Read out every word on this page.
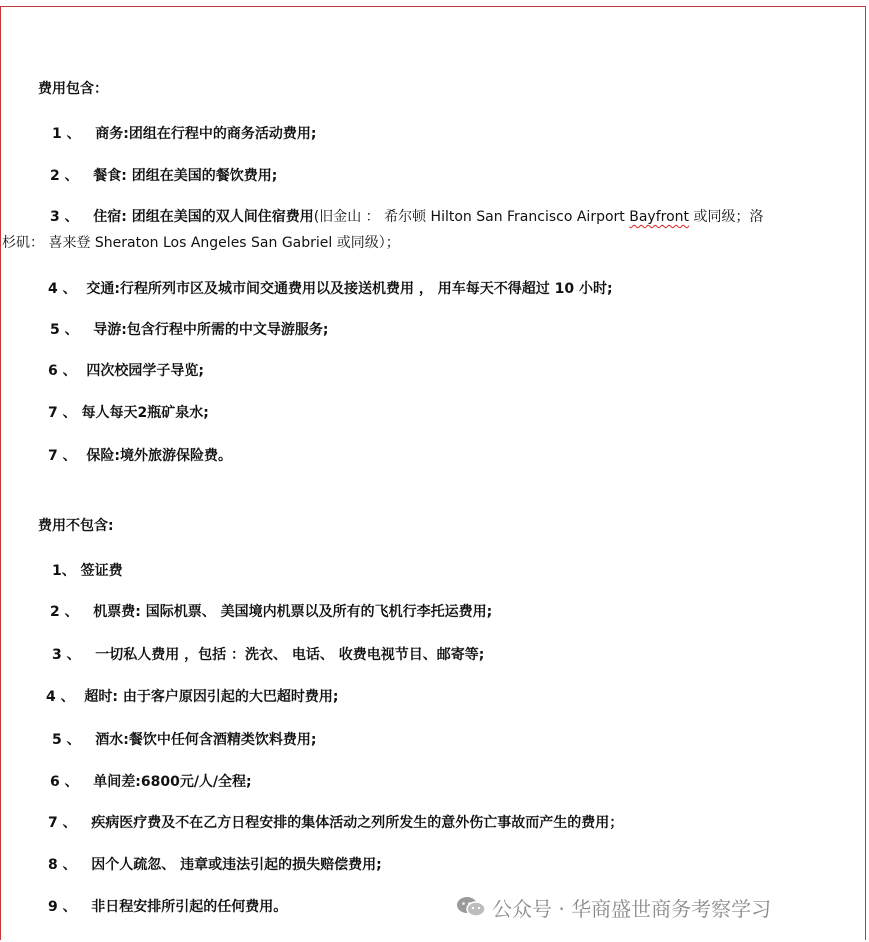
费用包含：
1 、 商务:团组在行程中的商务活动费用;
2 、 餐食: 团组在美国的餐饮费用;
3 、 住宿: 团组在美国的双人间住宿费用(旧金山 ： 希尔顿 Hilton San Francisco Airport Bayfront 或同级；洛
杉矶： 喜来登 Sheraton Los Angeles San Gabriel 或同级）；
4 、 交通:行程所列市区及城市间交通费用以及接送机费用 ， 用车每天不得超过 10 小时;
5 、 导游:包含行程中所需的中文导游服务;
6 、 四次校园学子导览;
7 、 每人每天2瓶矿泉水;
7 、 保险:境外旅游保险费。
费用不包含:
1、 签证费
2 、 机票费: 国际机票、 美国境内机票以及所有的飞机行李托运费用;
3 、 一切私人费用 ，包括 ：洗衣、 电话、 收费电视节目、邮寄等;
4 、 超时: 由于客户原因引起的大巴超时费用;
5 、 酒水:餐饮中任何含酒精类饮料费用;
6 、 单间差:6800元/人/全程;
7 、 疾病医疗费及不在乙方日程安排的集体活动之列所发生的意外伤亡事故而产生的费用；
8 、 因个人疏忽、 违章或违法引起的损失赔偿费用;
9 、 非日程安排所引起的任何费用。	公众号 · 华商盛世商务考察学习
